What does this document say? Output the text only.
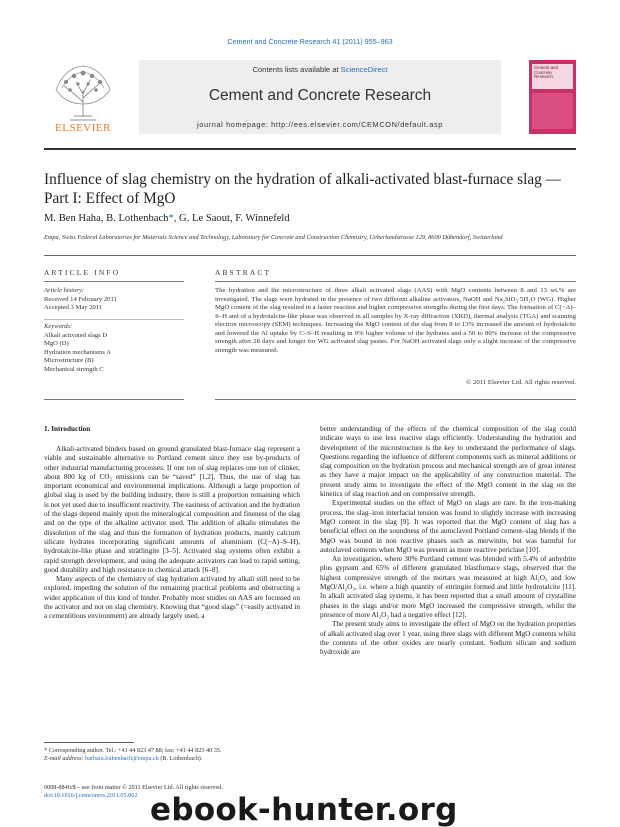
Cement and Concrete Research 41 (2011) 955–963
ELSEVIER
Contents lists available at ScienceDirect
Cement and Concrete Research
journal homepage: http://ees.elsevier.com/CEMCON/default.asp
Cement and Concrete Research
Influence of slag chemistry on the hydration of alkali-activated blast-furnace slag — Part I: Effect of MgO
M. Ben Haha, B. Lothenbach*, G. Le Saout, F. Winnefeld
Empa, Swiss Federal Laboratories for Materials Science and Technology, Laboratory for Concrete and Construction Chemistry, Ueberlandstrasse 129, 8600 Dübendorf, Switzerland
ARTICLE INFO	ABSTRACT
Article history:
Received 14 February 2011
Accepted 3 May 2011
Keywords:
Alkali activated slags D
MgO (D)
Hydration mechanisms A
Microstructure (B)
Mechanical strength C
The hydration and the microstructure of three alkali activated slags (AAS) with MgO contents between 8 and 13 wt.% are investigated. The slags were hydrated in the presence of two different alkaline activators, NaOH and Na₂SiO₃·5H₂O (WG). Higher MgO content of the slag resulted in a faster reaction and higher compressive strengths during the first days. The formation of C(−A)–S–H and of a hydrotalcite-like phase was observed in all samples by X-ray diffraction (XRD), thermal analysis (TGA) and scanning electron microscopy (SEM) techniques. Increasing the MgO content of the slag from 8 to 13% increased the amount of hydrotalcite and lowered the Al uptake by C–S–H resulting in 9% higher volume of the hydrates and a 50 to 80% increase of the compressive strength after 28 days and longer for WG activated slag pastes. For NaOH activated slags only a slight increase of the compressive strength was measured.
© 2011 Elsevier Ltd. All rights reserved.
1. Introduction

Alkali-activated binders based on ground granulated blast-furnace slag represent a viable and sustainable alternative to Portland cement since they use by-products of other industrial manufacturing processes. If one ton of slag replaces one ton of clinker, about 800 kg of CO₂ emissions can be “saved” [1,2]. Thus, the use of slag has important economical and environmental implications. Although a large proportion of global slag is used by the building industry, there is still a proportion remaining which is not yet used due to insufficient reactivity. The easiness of activation and the hydration of the slags depend mainly upon the mineralogical composition and fineness of the slag and on the type of the alkaline activator used. The addition of alkalis stimulates the dissolution of the slag and thus the formation of hydration products, mainly calcium silicate hydrates incorporating significant amounts of aluminium (C(−A)–S–H), hydrotalcite-like phase and strätlingite [3–5]. Activated slag systems often exhibit a rapid strength development, and using the adequate activators can lead to rapid setting, good durability and high resistance to chemical attack [6–8].

Many aspects of the chemistry of slag hydration activated by alkali still need to be explored, impeding the solution of the remaining practical problems and obstructing a wider application of this kind of binder. Probably most studies on AAS are focussed on the activator and not on slag chemistry. Knowing that “good slags” (=easily activated in a cementitious environment) are already largely used, a

better understanding of the effects of the chemical composition of the slag could indicate ways to use less reactive slags efficiently. Understanding the hydration and development of the microstructure is the key to understand the performance of slags. Questions regarding the influence of different components such as mineral additions or slag composition on the hydration process and mechanical strength are of great interest as they have a major impact on the applicability of any construction material. The present study aims to investigate the effect of the MgO content in the slag on the kinetics of slag reaction and on compressive strength.

Experimental studies on the effect of MgO on slags are rare. In the iron-making process, the slag–iron interfacial tension was found to slightly increase with increasing MgO content in the slag [9]. It was reported that the MgO content of slag has a beneficial effect on the soundness of the autoclaved Portland cement–slag blends if the MgO was bound in non reactive phases such as merwinite, but was harmful for autoclaved cements when MgO was present as more reactive periclase [10].

An investigation, where 30% Portland cement was blended with 5.4% of anhydrite plus gypsum and 65% of different granulated blastfurnace slags, observed that the highest compressive strength of the mortars was measured at high Al₂O₃ and low MgO/Al₂O₃, i.e. where a high quantity of ettringite formed and little hydrotalcite [11]. In alkali activated slag systems, it has been reported that a small amount of crystalline phases in the slags and/or more MgO increased the compressive strength, whilst the presence of more Al₂O₃ had a negative effect [12].

The present study aims to investigate the effect of MgO on the hydration properties of alkali activated slag over 1 year, using three slags with different MgO contents whilst the contents of the other oxides are nearly constant. Sodium silicate and sodium hydroxide are

* Corresponding author. Tel.: +41 44 823 47 88; fax: +41 44 823 40 35.
E-mail address: barbara.lothenbach@empa.ch (B. Lothenbach).
0008-8846/$ – see front matter © 2011 Elsevier Ltd. All rights reserved.
doi:10.1016/j.cemconres.2011.05.002 ebook-hunter.org
